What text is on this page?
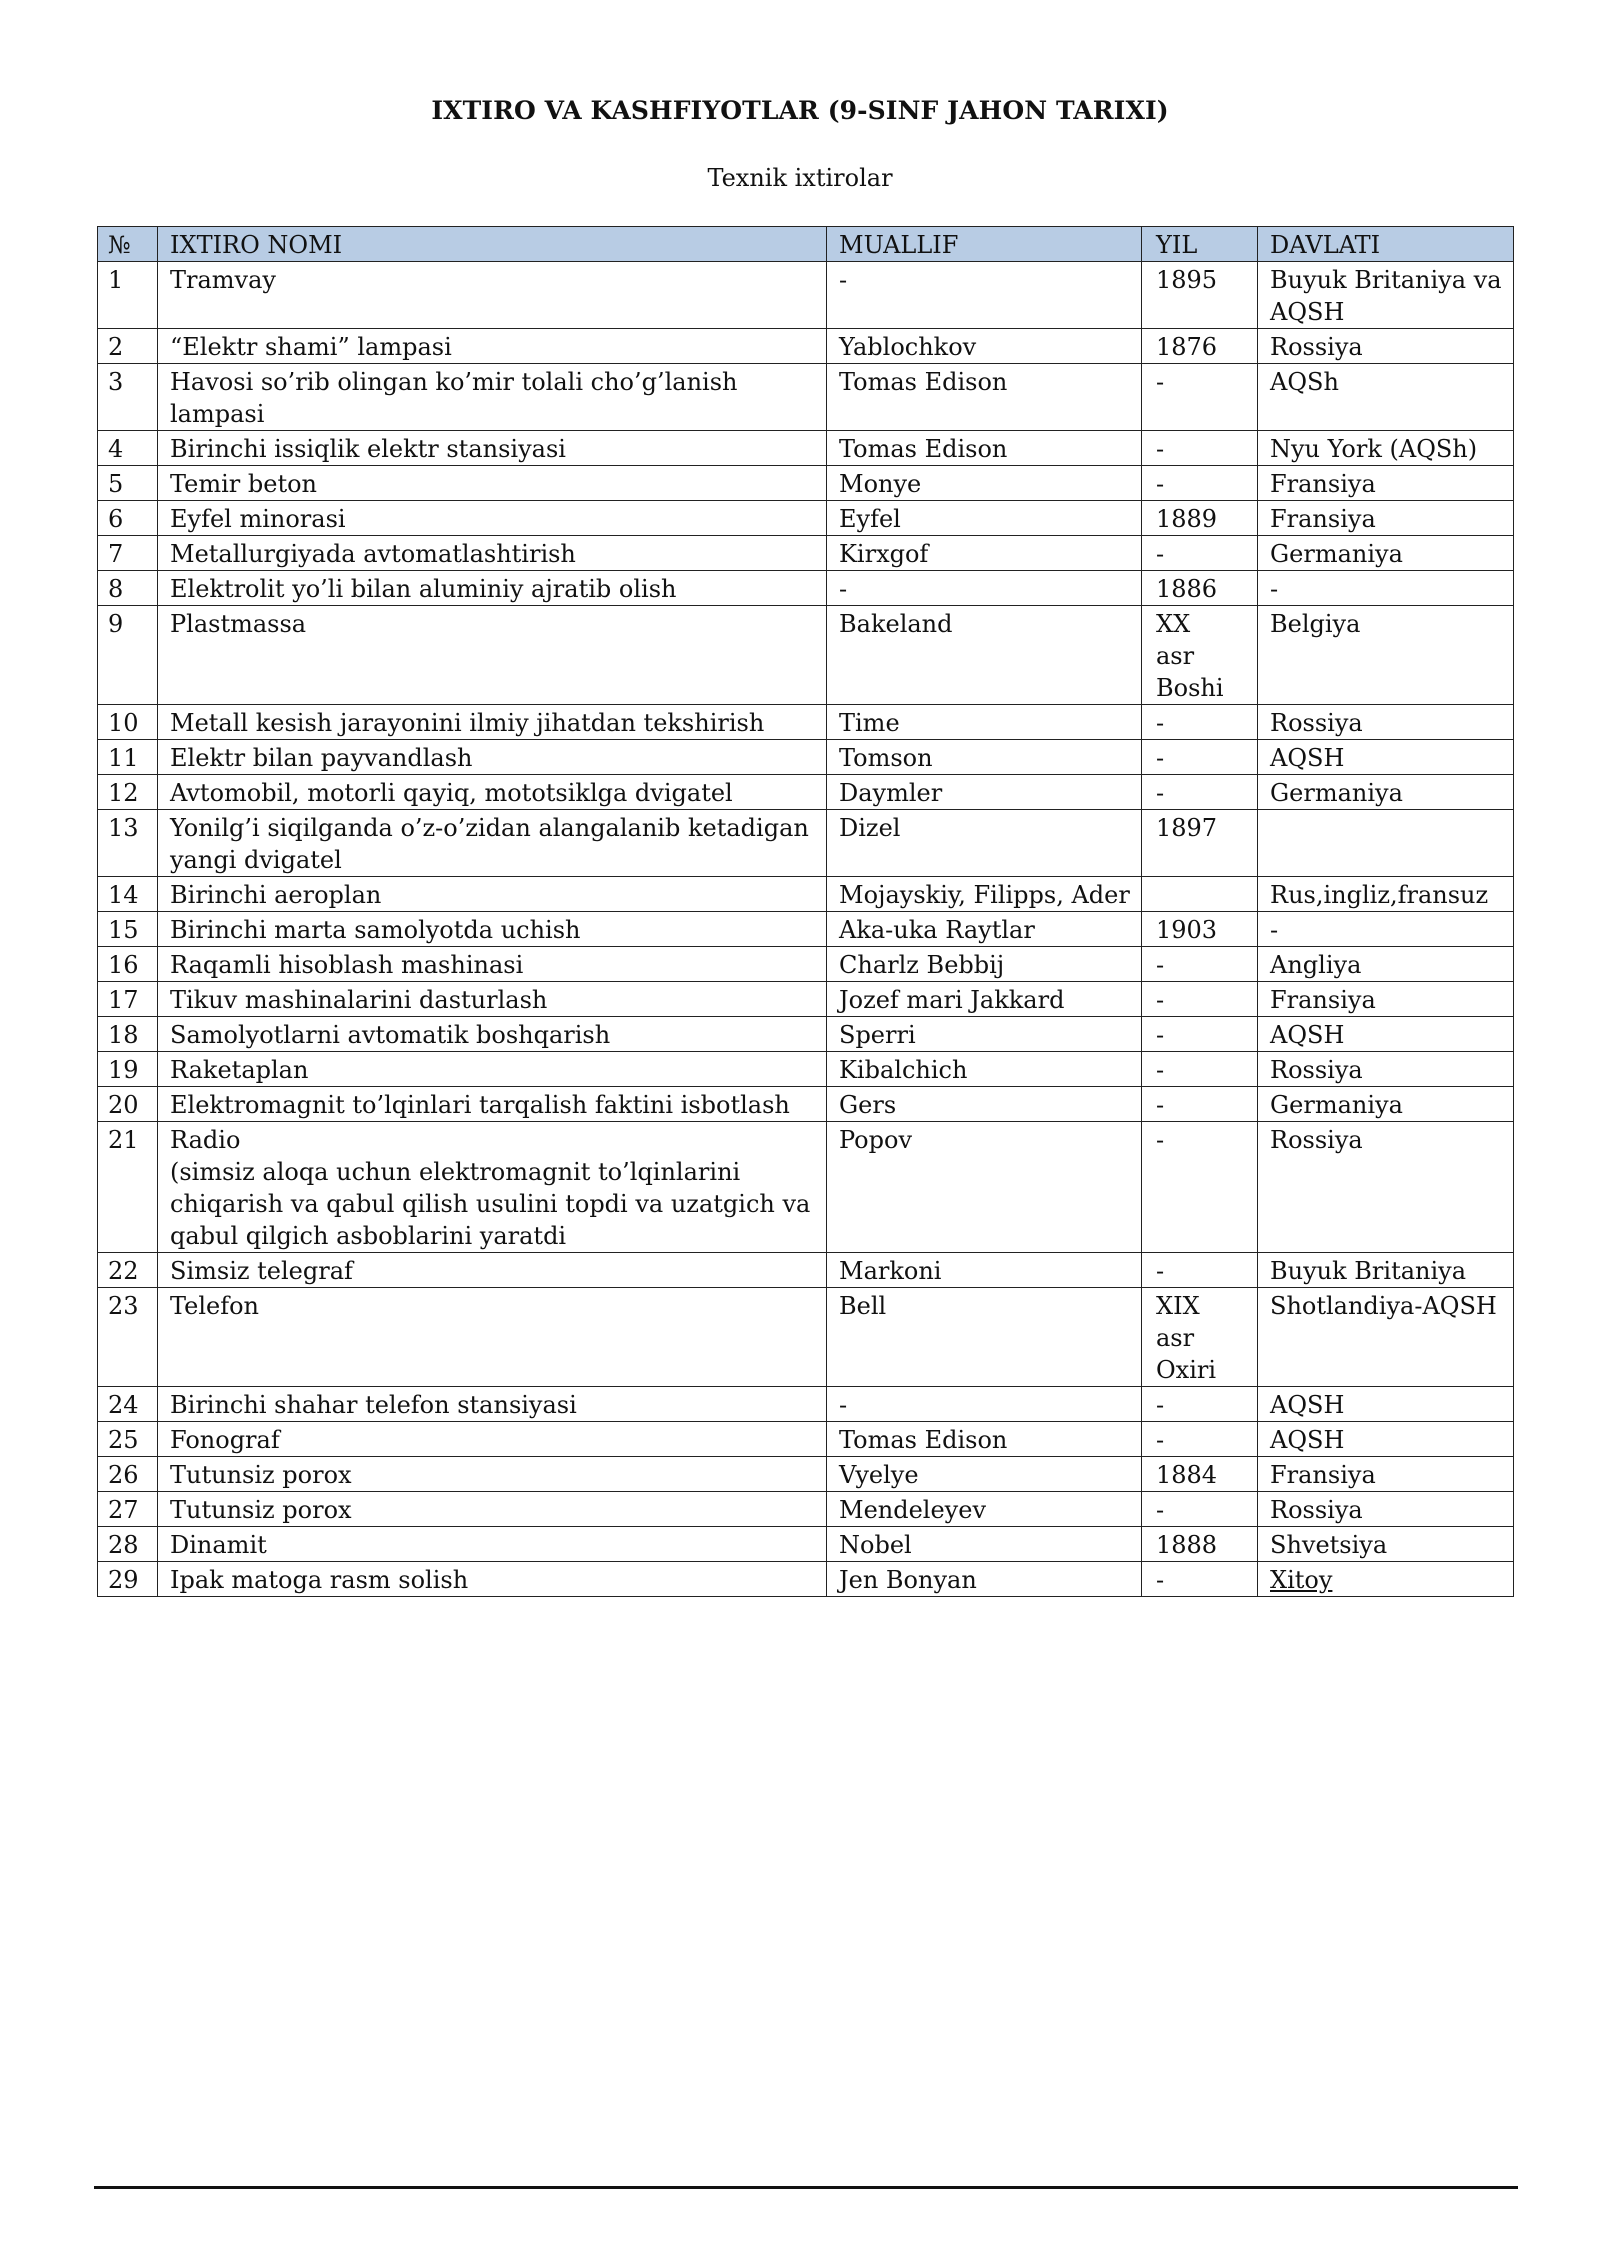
IXTIRO VA KASHFIYOTLAR (9-SINF JAHON TARIXI)
Texnik ixtirolar
№	IXTIRO NOMI	MUALLIF	YIL	DAVLATI
1	Tramvay	-	1895	Buyuk Britaniya va AQSH
2	“Elektr shami” lampasi	Yablochkov	1876	Rossiya
3	Havosi so’rib olingan ko’mir tolali cho’g’lanish lampasi	Tomas Edison	-	AQSh
4	Birinchi issiqlik elektr stansiyasi	Tomas Edison	-	Nyu York (AQSh)
5	Temir beton	Monye	-	Fransiya
6	Eyfel minorasi	Eyfel	1889	Fransiya
7	Metallurgiyada avtomatlashtirish	Kirxgof	-	Germaniya
8	Elektrolit yo’li bilan aluminiy ajratib olish	-	1886	-
9	Plastmassa	Bakeland	XX asr Boshi	Belgiya
10	Metall kesish jarayonini ilmiy jihatdan tekshirish	Time	-	Rossiya
11	Elektr bilan payvandlash	Tomson	-	AQSH
12	Avtomobil, motorli qayiq, mototsiklga dvigatel	Daymler	-	Germaniya
13	Yonilg’i siqilganda o’z-o’zidan alangalanib ketadigan yangi dvigatel	Dizel	1897	
14	Birinchi aeroplan	Mojayskiy, Filipps, Ader		Rus,ingliz,fransuz
15	Birinchi marta samolyotda uchish	Aka-uka Raytlar	1903	-
16	Raqamli hisoblash mashinasi	Charlz Bebbij	-	Angliya
17	Tikuv mashinalarini dasturlash	Jozef mari Jakkard	-	Fransiya
18	Samolyotlarni avtomatik boshqarish	Sperri	-	AQSH
19	Raketaplan	Kibalchich	-	Rossiya
20	Elektromagnit to’lqinlari tarqalish faktini isbotlash	Gers	-	Germaniya
21	Radio
(simsiz aloqa uchun elektromagnit to’lqinlarini chiqarish va qabul qilish usulini topdi va uzatgich va qabul qilgich asboblarini yaratdi	Popov	-	Rossiya
22	Simsiz telegraf	Markoni	-	Buyuk Britaniya
23	Telefon	Bell	XIX asr Oxiri	Shotlandiya-AQSH
24	Birinchi shahar telefon stansiyasi	-	-	AQSH
25	Fonograf	Tomas Edison	-	AQSH
26	Tutunsiz porox	Vyelye	1884	Fransiya
27	Tutunsiz porox	Mendeleyev	-	Rossiya
28	Dinamit	Nobel	1888	Shvetsiya
29	Ipak matoga rasm solish	Jen Bonyan	-	Xitoy
